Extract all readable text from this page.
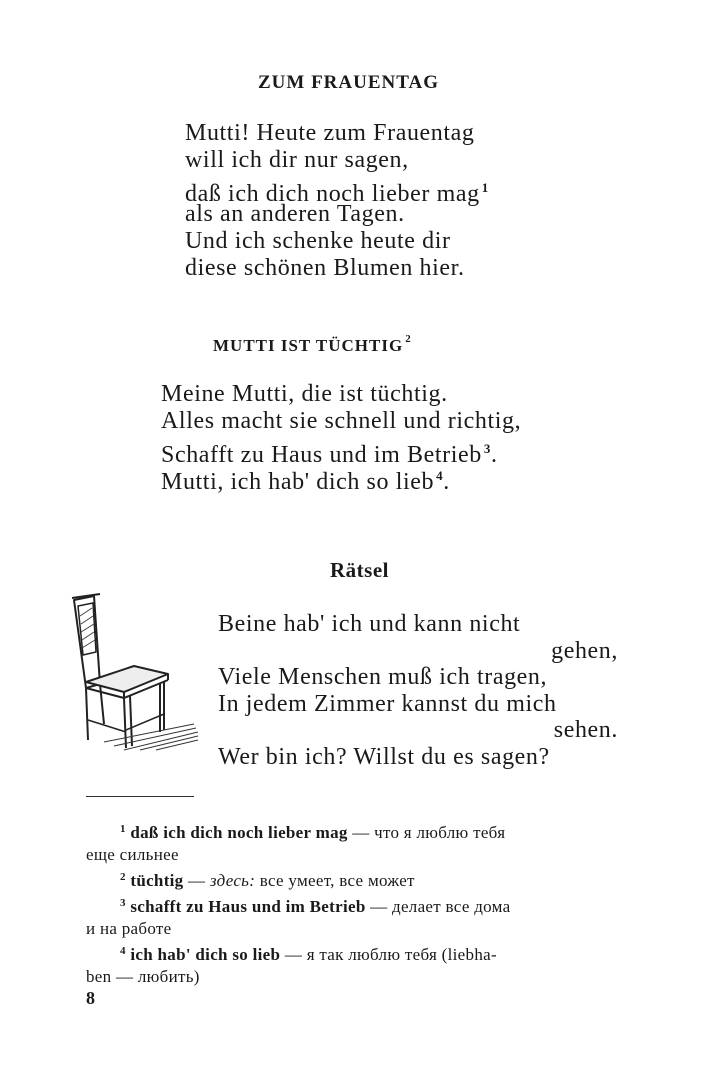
ZUM FRAUENTAG
Mutti! Heute zum Frauentag
will ich dir nur sagen,
daß ich dich noch lieber mag $^1$
als an anderen Tagen.
Und ich schenke heute dir
diese schönen Blumen hier.
MUTTI IST TÜCHTIG $^2$
Meine Mutti, die ist tüchtig.
Alles macht sie schnell und richtig,
Schafft zu Haus und im Betrieb $^3$.
Mutti, ich hab' dich so lieb $^4$.
Rätsel
Beine hab' ich und kann nicht
gehen,
Viele Menschen muß ich tragen,
In jedem Zimmer kannst du mich
sehen.
Wer bin ich? Willst du es sagen?
$^1$ daß ich dich noch lieber mag — что я люблю тебя
еще сильнее
$^2$ tüchtig — здесь: все умеет, все может
$^3$ schafft zu Haus und im Betrieb — делает все дома
и на работе
$^4$ ich hab' dich so lieb — я так люблю тебя (liebha-
ben — любить)
8
